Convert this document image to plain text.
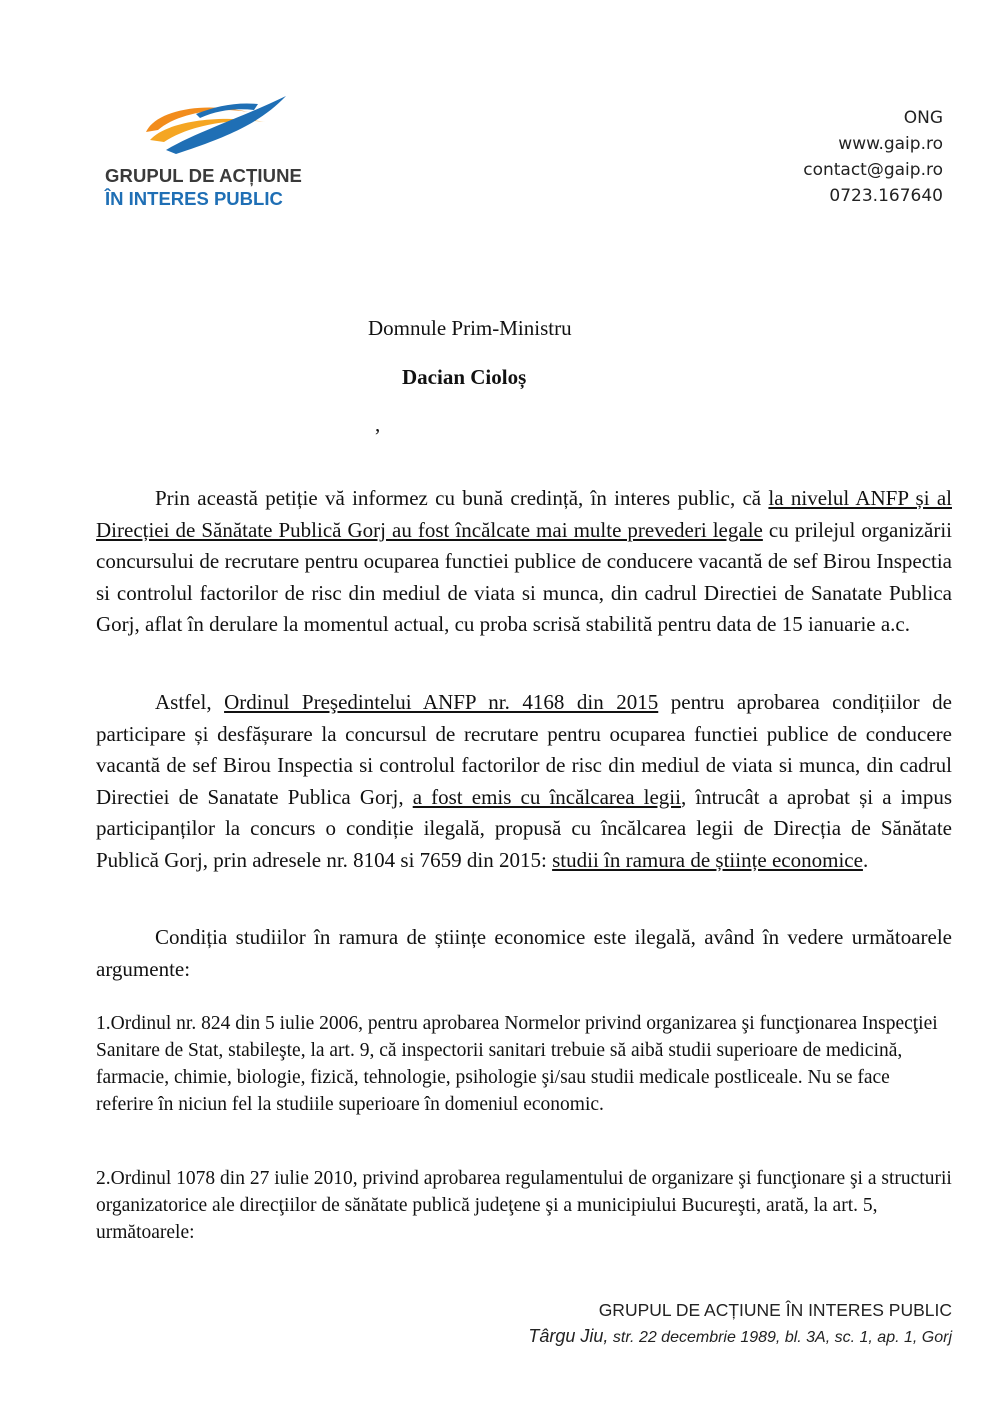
GRUPUL DE ACȚIUNE
ÎN INTERES PUBLIC
ONG
www.gaip.ro
contact@gaip.ro
0723.167640
Domnule Prim-Ministru
Dacian Cioloș
,
Prin această petiție vă informez cu bună credință, în interes public, că la nivelul ANFP și al Direcției de Sănătate Publică Gorj au fost încălcate mai multe prevederi legale cu prilejul organizării concursului de recrutare pentru ocuparea functiei publice de conducere vacantă de sef Birou Inspectia si controlul factorilor de risc din mediul de viata si munca, din cadrul Directiei de Sanatate Publica Gorj, aflat în derulare la momentul actual, cu proba scrisă stabilită pentru data de 15 ianuarie a.c.
Astfel, Ordinul Preşedintelui ANFP nr. 4168 din 2015 pentru aprobarea condițiilor de participare și desfășurare la concursul de recrutare pentru ocuparea functiei publice de conducere vacantă de sef Birou Inspectia si controlul factorilor de risc din mediul de viata si munca, din cadrul Directiei de Sanatate Publica Gorj, a fost emis cu încălcarea legii, întrucât a aprobat și a impus participanților la concurs o condiție ilegală, propusă cu încălcarea legii de Direcția de Sănătate Publică Gorj, prin adresele nr. 8104 si 7659 din 2015: studii în ramura de științe economice.
Condiția studiilor în ramura de științe economice este ilegală, având în vedere următoarele argumente:
1.Ordinul nr. 824 din 5 iulie 2006, pentru aprobarea Normelor privind organizarea şi funcţionarea Inspecţiei Sanitare de Stat, stabileşte, la art. 9, că inspectorii sanitari trebuie să aibă studii superioare de medicină, farmacie, chimie, biologie, fizică, tehnologie, psihologie şi/sau studii medicale postliceale. Nu se face referire în niciun fel la studiile superioare în domeniul economic.
2.Ordinul 1078 din 27 iulie 2010, privind aprobarea regulamentului de organizare şi funcţionare şi a structurii organizatorice ale direcţiilor de sănătate publică judeţene şi a municipiului Bucureşti, arată, la art. 5, următoarele:
GRUPUL DE ACȚIUNE ÎN INTERES PUBLIC
Târgu Jiu, str. 22 decembrie 1989, bl. 3A, sc. 1, ap. 1, Gorj
